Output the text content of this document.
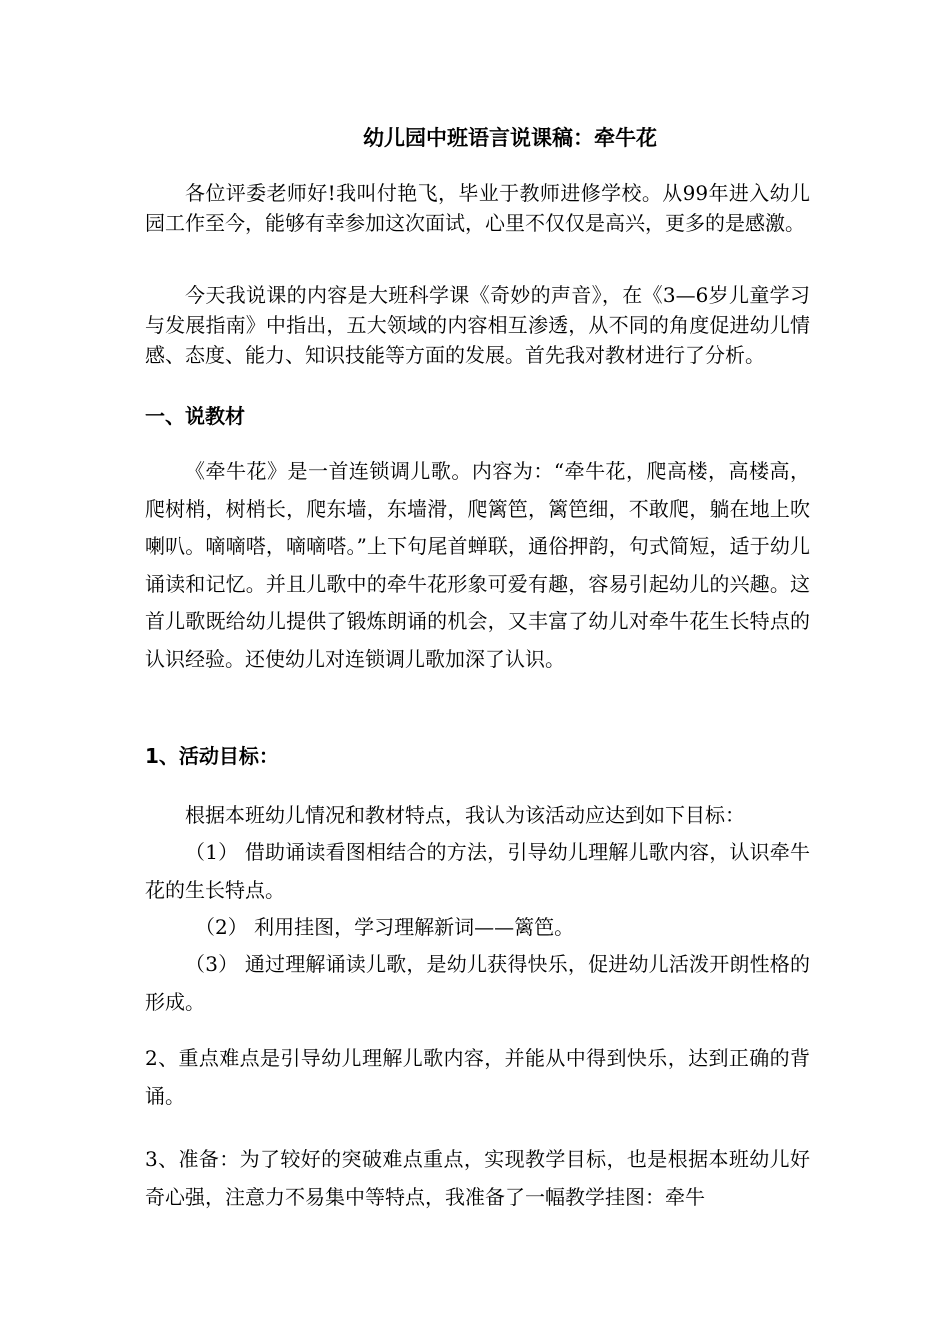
幼儿园中班语言说课稿：牵牛花

各位评委老师好!我叫付艳飞，毕业于教师进修学校。从99年进入幼儿园工作至今，能够有幸参加这次面试，心里不仅仅是高兴，更多的是感激。

今天我说课的内容是大班科学课《奇妙的声音》，在《3—6岁儿童学习与发展指南》中指出，五大领域的内容相互渗透，从不同的角度促进幼儿情感、态度、能力、知识技能等方面的发展。首先我对教材进行了分析。

一、说教材

《牵牛花》是一首连锁调儿歌。内容为：“牵牛花，爬高楼，高楼高，爬树梢，树梢长，爬东墙，东墙滑，爬篱笆，篱笆细，不敢爬，躺在地上吹喇叭。嘀嘀嗒，嘀嘀嗒。”上下句尾首蝉联，通俗押韵，句式简短，适于幼儿诵读和记忆。并且儿歌中的牵牛花形象可爱有趣，容易引起幼儿的兴趣。这首儿歌既给幼儿提供了锻炼朗诵的机会，又丰富了幼儿对牵牛花生长特点的认识经验。还使幼儿对连锁调儿歌加深了认识。

1、活动目标：

根据本班幼儿情况和教材特点，我认为该活动应达到如下目标：

（1） 借助诵读看图相结合的方法，引导幼儿理解儿歌内容，认识牵牛花的生长特点。

（2） 利用挂图，学习理解新词——篱笆。

（3） 通过理解诵读儿歌，是幼儿获得快乐，促进幼儿活泼开朗性格的形成。

2、重点难点是引导幼儿理解儿歌内容，并能从中得到快乐，达到正确的背诵。

3、准备：为了较好的突破难点重点，实现教学目标，也是根据本班幼儿好奇心强，注意力不易集中等特点，我准备了一幅教学挂图：牵牛
